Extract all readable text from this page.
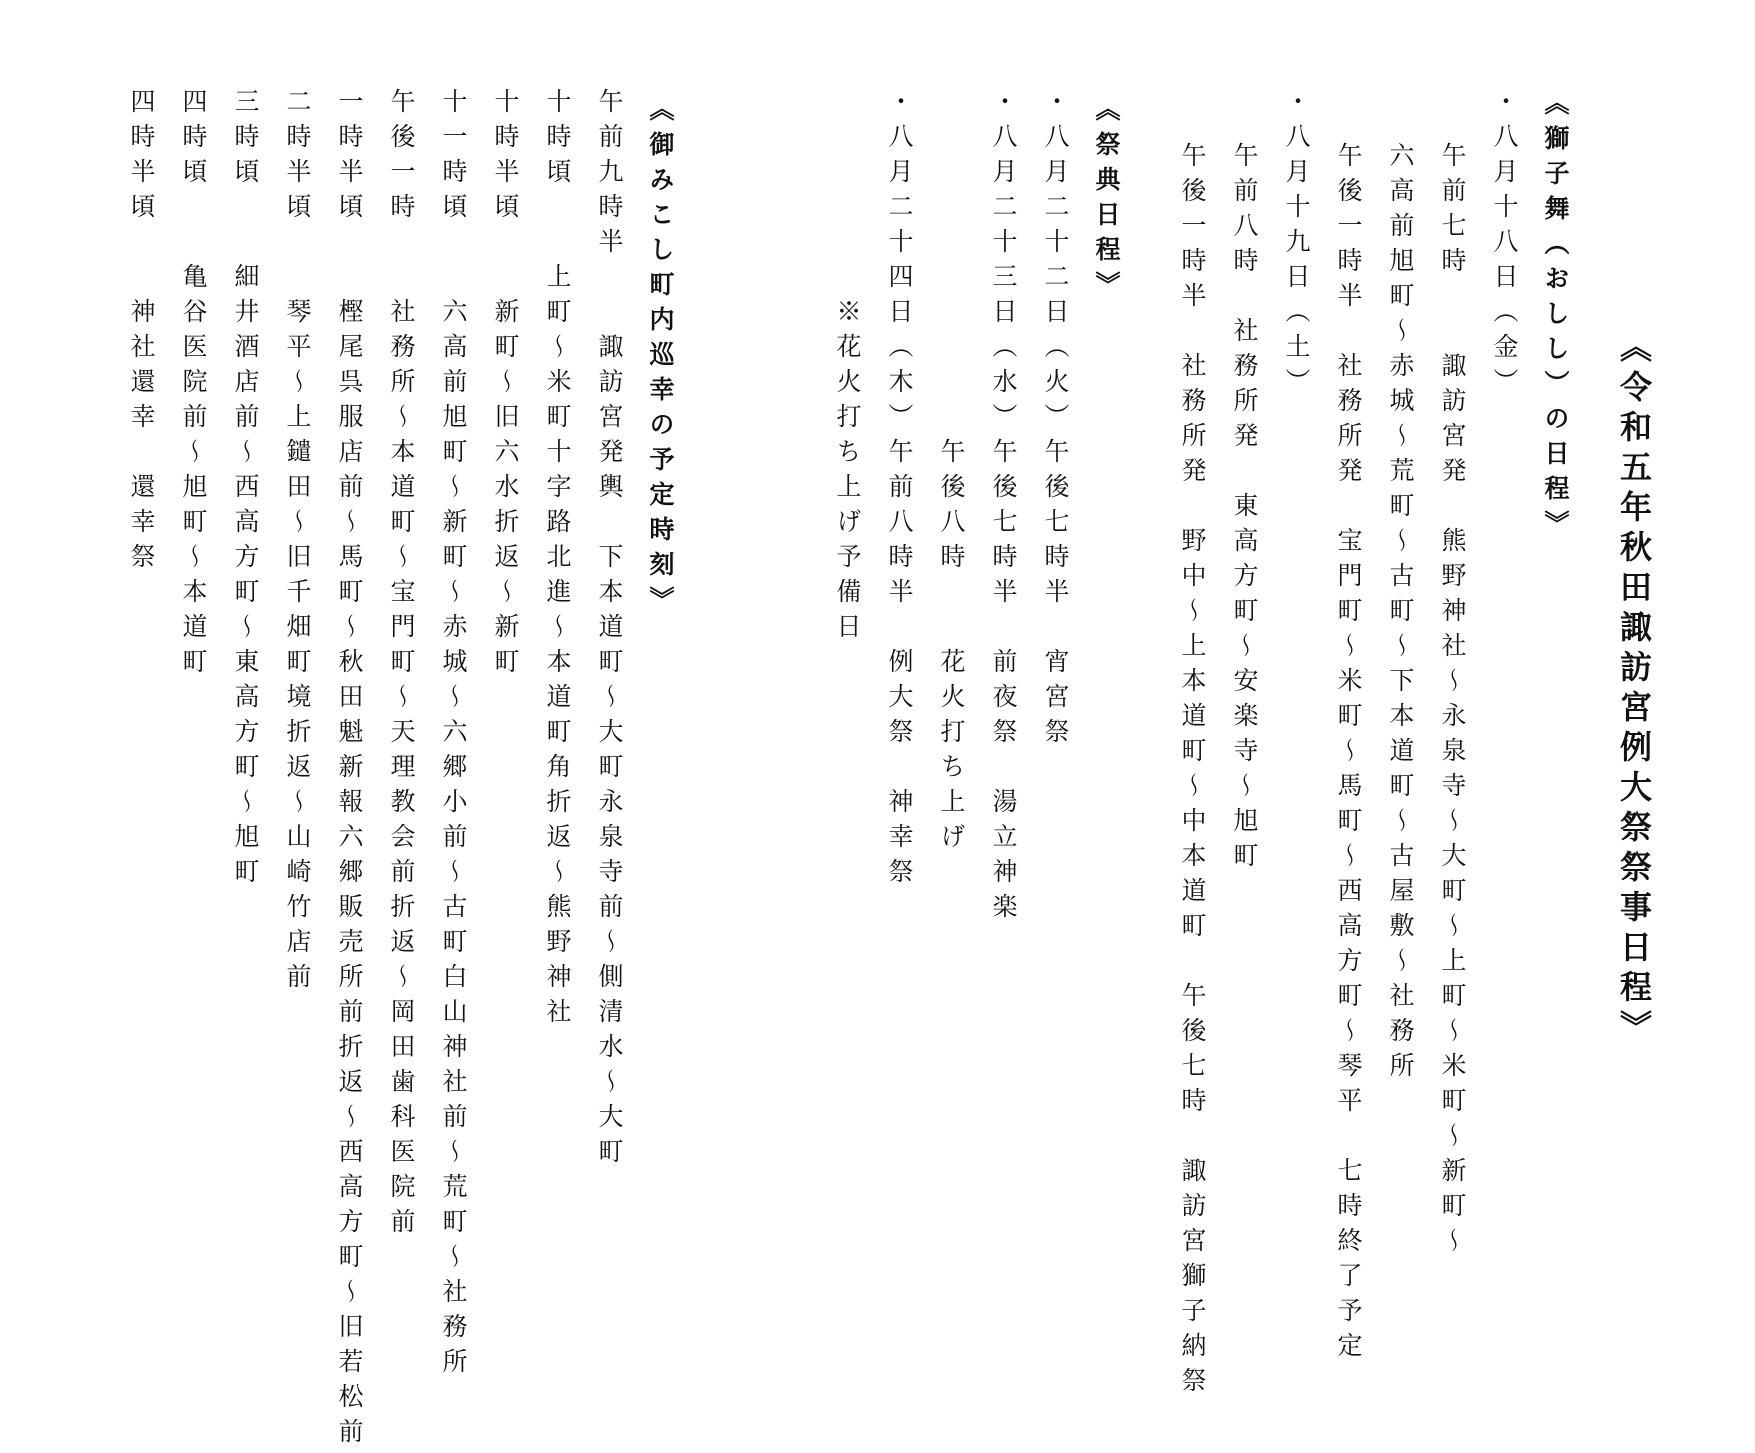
《令和五年秋田諏訪宮例大祭祭事日程》
《獅子舞（おしし）の日程》
・八月十八日（金）
午前七時　　諏訪宮発　熊野神社～永泉寺～大町～上町～米町～新町～
六高前旭町～赤城～荒町～古町～下本道町～古屋敷～社務所
午後一時半　社務所発　宝門町～米町～馬町～西高方町～琴平　七時終了予定
・八月十九日（土）
午前八時　社務所発　東高方町～安楽寺～旭町
午後一時半　社務所発　野中～上本道町～中本道町　午後七時　諏訪宮獅子納祭
《祭典日程》
・八月二十二日（火）午後七時半　宵宮祭
・八月二十三日（水）午後七時半　前夜祭　湯立神楽
　　　　　　　　　　午後八時　　花火打ち上げ
・八月二十四日（木）午前八時半　例大祭　神幸祭
　　　　　　※花火打ち上げ予備日
《御みこし町内巡幸の予定時刻》
午前九時半　　諏訪宮発輿　下本道町～大町永泉寺前～側清水～大町
十時頃　　上町～米町十字路北進～本道町角折返～熊野神社
十時半頃　　新町～旧六水折返～新町
十一時頃　　六高前旭町～新町～赤城～六郷小前～古町白山神社前～荒町～社務所
午後一時　　社務所～本道町～宝門町～天理教会前折返～岡田歯科医院前
一時半頃　　樫尾呉服店前～馬町～秋田魁新報六郷販売所前折返～西高方町～旧若松前
二時半頃　　琴平～上鑓田～旧千畑町境折返～山崎竹店前
三時頃　　細井酒店前～西高方町～東高方町～旭町
四時頃　　亀谷医院前～旭町～本道町
四時半頃　　神社還幸　還幸祭
